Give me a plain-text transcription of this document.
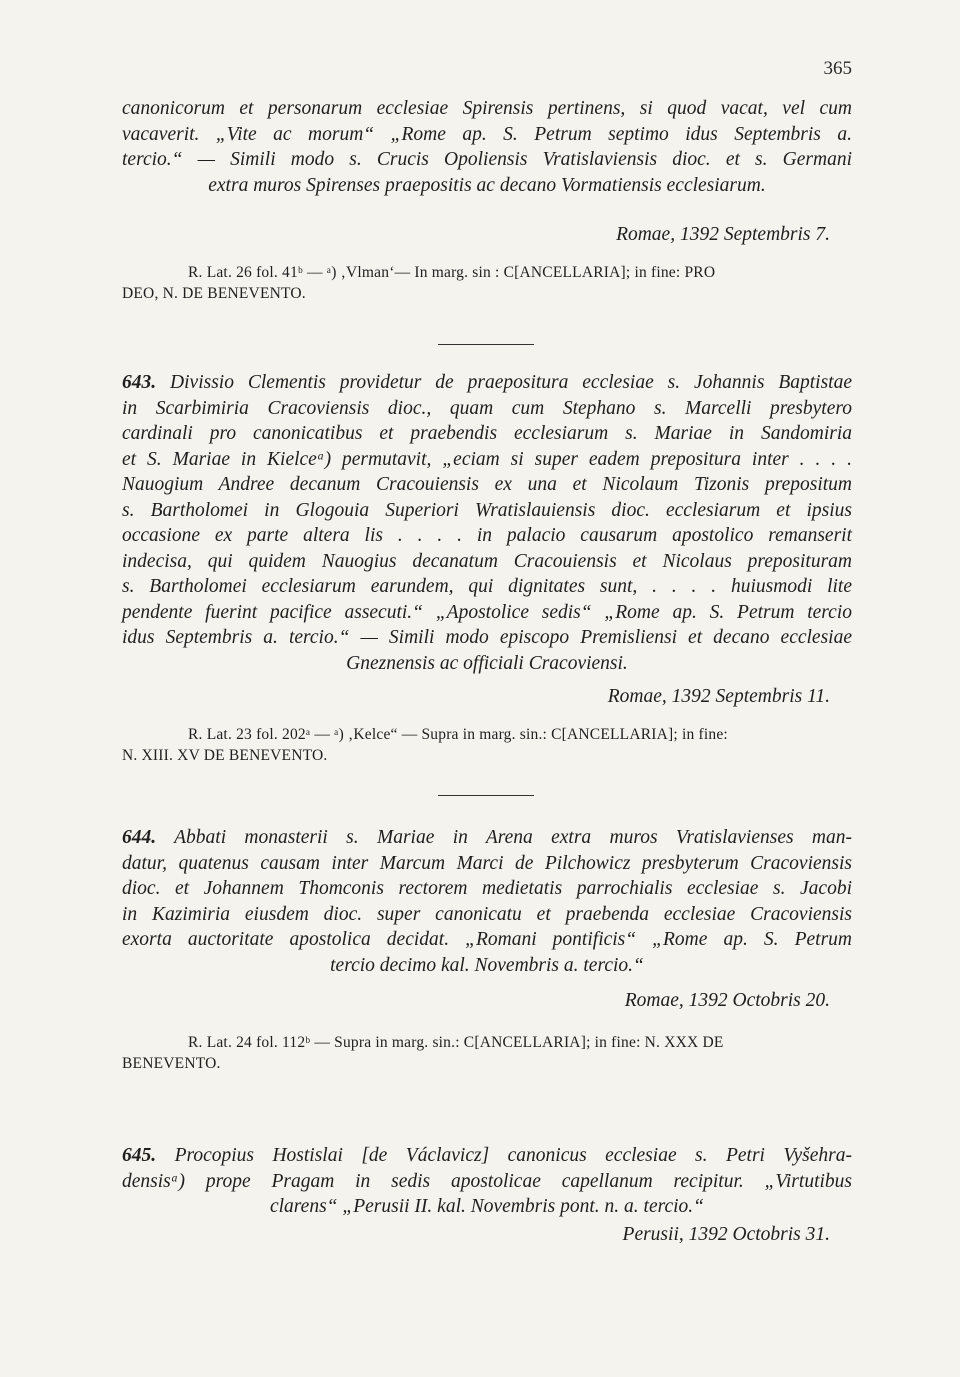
365

canonicorum et personarum ecclesiae Spirensis pertinens, si quod vacat, vel cum
vacaverit. „Vite ac morum“ „Rome ap. S. Petrum septimo idus Septembris a.
tercio.“ — Simili modo s. Crucis Opoliensis Vratislaviensis dioc. et s. Germani
extra muros Spirenses praepositis ac decano Vormatiensis ecclesiarum.

Romae, 1392 Septembris 7.

R. Lat. 26 fol. 41ᵇ — ᵃ) ‚Vlman‘— In marg. sin : C[ANCELLARIA]; in fine: PRO
DEO, N. DE BENEVENTO.

643. Divissio Clementis providetur de praepositura ecclesiae s. Johannis Baptistae
in Scarbimiria Cracoviensis dioc., quam cum Stephano s. Marcelli presbytero
cardinali pro canonicatibus et praebendis ecclesiarum s. Mariae in Sandomiria
et S. Mariae in Kielceᵃ) permutavit, „eciam si super eadem prepositura inter . . . .
Nauogium Andree decanum Cracouiensis ex una et Nicolaum Tizonis prepositum
s. Bartholomei in Glogouia Superiori Wratislauiensis dioc. ecclesiarum et ipsius
occasione ex parte altera lis . . . . in palacio causarum apostolico remanserit
indecisa, qui quidem Nauogius decanatum Cracouiensis et Nicolaus preposituram
s. Bartholomei ecclesiarum earundem, qui dignitates sunt, . . . . huiusmodi lite
pendente fuerint pacifice assecuti.“ „Apostolice sedis“ „Rome ap. S. Petrum tercio
idus Septembris a. tercio.“ — Simili modo episcopo Premisliensi et decano ecclesiae
Gneznensis ac officiali Cracoviensi.

Romae, 1392 Septembris 11.

R. Lat. 23 fol. 202ᵃ — ᵃ) ‚Kelce“ — Supra in marg. sin.: C[ANCELLARIA]; in fine:
N. XIII. XV DE BENEVENTO.

644. Abbati monasterii s. Mariae in Arena extra muros Vratislavienses man-
datur, quatenus causam inter Marcum Marci de Pilchowicz presbyterum Cracoviensis
dioc. et Johannem Thomconis rectorem medietatis parrochialis ecclesiae s. Jacobi
in Kazimiria eiusdem dioc. super canonicatu et praebenda ecclesiae Cracoviensis
exorta auctoritate apostolica decidat. „Romani pontificis“ „Rome ap. S. Petrum
tercio decimo kal. Novembris a. tercio.“

Romae, 1392 Octobris 20.

R. Lat. 24 fol. 112ᵇ — Supra in marg. sin.: C[ANCELLARIA]; in fine: N. XXX DE
BENEVENTO.

645. Procopius Hostislai [de Václavicz] canonicus ecclesiae s. Petri Vyšehra-
densisᵃ) prope Pragam in sedis apostolicae capellanum recipitur. „Virtutibus
clarens“ „Perusii II. kal. Novembris pont. n. a. tercio.“

Perusii, 1392 Octobris 31.
